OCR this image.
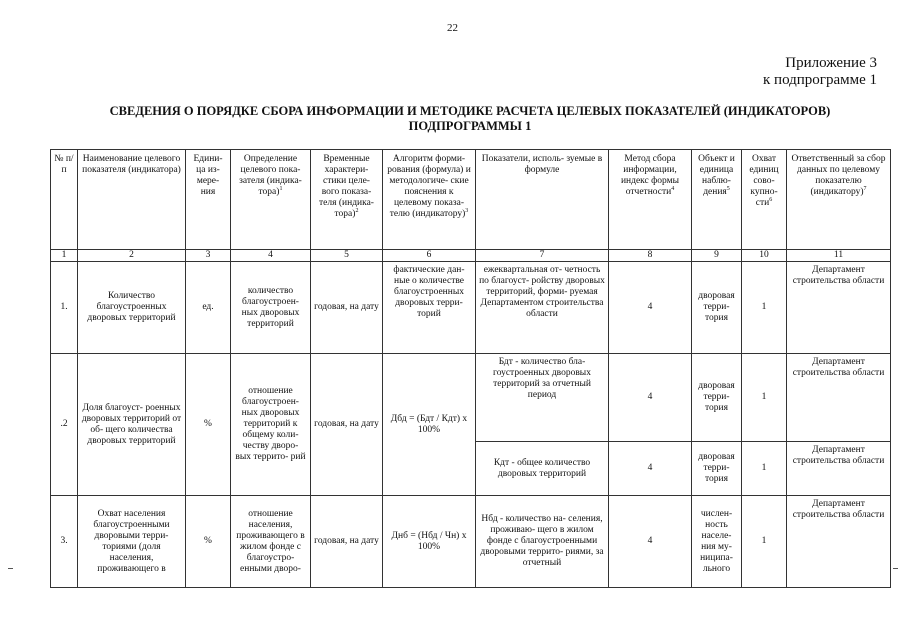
22
Приложение 3
к подпрограмме 1
СВЕДЕНИЯ О ПОРЯДКЕ СБОРА ИНФОРМАЦИИ И МЕТОДИКЕ РАСЧЕТА ЦЕЛЕВЫХ ПОКАЗАТЕЛЕЙ (ИНДИКАТОРОВ)
ПОДПРОГРАММЫ 1
№ п/п	Наименование целевого показателя (индикатора)	Едини- ца из- мере- ния	Определение целевого пока- зателя (индика- тора)$^1$	Временные характери- стики целе- вого показа- теля (индика- тора)$^2$	Алгоритм форми- рования (формула) и методологиче- ские пояснения к целевому показа- телю (индикатору)$^3$	Показатели, исполь- зуемые в формуле	Метод сбора информации, индекс формы отчетности$^4$	Объект и единица наблю- дения$^5$	Охват единиц сово- купно- сти$^6$	Ответственный за сбор данных по целевому показателю (индикатору)$^7$
1	2	3	4	5	6	7	8	9	10	11
1.	Количество благоустроенных дворовых территорий	ед.	количество благоустроен- ных дворовых территорий	годовая, на дату	фактические дан- ные о количестве благоустроенных дворовых терри- торий	ежеквартальная от- четность по благоуст- ройству дворовых территорий, форми- руемая Департаментом строительства области	4	дворовая терри- тория	1	Департамент строительства области
.2	Доля благоуст- роенных дворовых территорий от об- щего количества дворовых территорий	%	отношение благоустроен- ных дворовых территорий к общему коли- честву дворо- вых террито- рий	годовая, на дату	Дбд = (Бдт / Кдт) х 100%	Бдт - количество бла- гоустроенных дворовых территорий за отчетный период	4	дворовая терри- тория	1	Департамент строительства области
						Кдт - общее количество дворовых территорий	4	дворовая терри- тория	1	Департамент строительства области
3.	Охват населения благоустроенными дворовыми терри- ториями (доля населения, проживающего в	%	отношение населения, проживающего в жилом фонде с благоустро- енными дворо-	годовая, на дату	Днб = (Нбд / Чн) х 100%	Нбд - количество на- селения, проживаю- щего в жилом фонде с благоустроенными дворовыми террито- риями, за отчетный	4	числен- ность населе- ния му- ниципа- льного	1	Департамент строительства области
